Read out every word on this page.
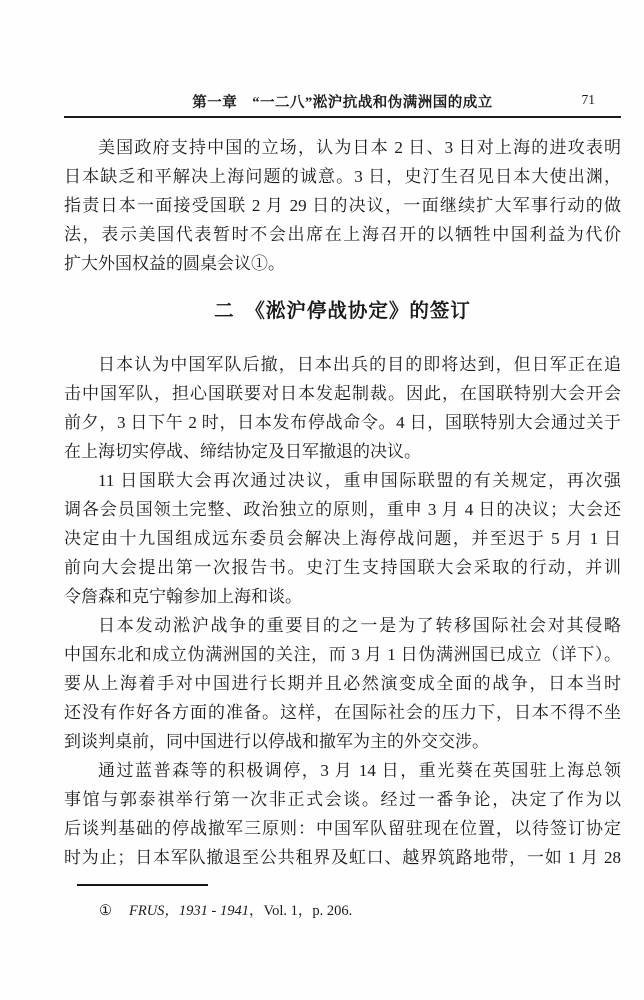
第一章　“一二八”淞沪抗战和伪满洲国的成立	71
美国政府支持中国的立场，认为日本 2 日、3 日对上海的进攻表明
日本缺乏和平解决上海问题的诚意。3 日，史汀生召见日本大使出渊，
指责日本一面接受国联 2 月 29 日的决议，一面继续扩大军事行动的做
法，表示美国代表暂时不会出席在上海召开的以牺牲中国利益为代价
扩大外国权益的圆桌会议①。
二　《淞沪停战协定》的签订
日本认为中国军队后撤，日本出兵的目的即将达到，但日军正在追
击中国军队，担心国联要对日本发起制裁。因此，在国联特别大会开会
前夕，3 日下午 2 时，日本发布停战命令。4 日，国联特别大会通过关于
在上海切实停战、缔结协定及日军撤退的决议。
11 日国联大会再次通过决议，重申国际联盟的有关规定，再次强
调各会员国领土完整、政治独立的原则，重申 3 月 4 日的决议；大会还
决定由十九国组成远东委员会解决上海停战问题，并至迟于 5 月 1 日
前向大会提出第一次报告书。史汀生支持国联大会采取的行动，并训
令詹森和克宁翰参加上海和谈。
日本发动淞沪战争的重要目的之一是为了转移国际社会对其侵略
中国东北和成立伪满洲国的关注，而 3 月 1 日伪满洲国已成立（详下）。
要从上海着手对中国进行长期并且必然演变成全面的战争，日本当时
还没有作好各方面的准备。这样，在国际社会的压力下，日本不得不坐
到谈判桌前，同中国进行以停战和撤军为主的外交交涉。
通过蓝普森等的积极调停，3 月 14 日，重光葵在英国驻上海总领
事馆与郭泰祺举行第一次非正式会谈。经过一番争论，决定了作为以
后谈判基础的停战撤军三原则：中国军队留驻现在位置，以待签订协定
时为止；日本军队撤退至公共租界及虹口、越界筑路地带，一如 1 月 28
① FRUS，1931 - 1941，Vol. 1，p. 206.
